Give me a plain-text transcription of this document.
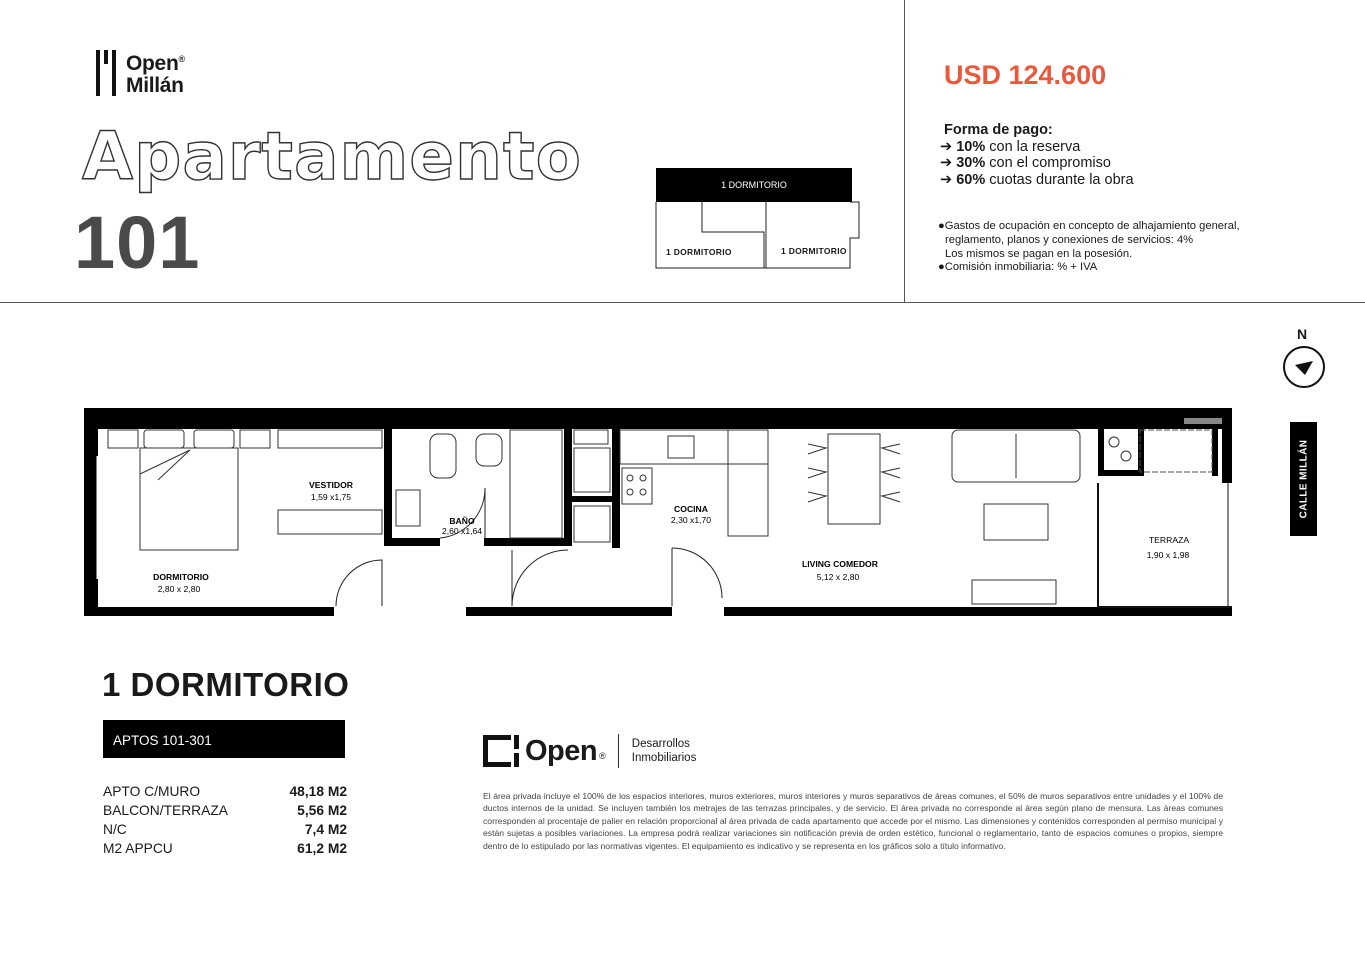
Open®
Millán
Apartamento
101
1 DORMITORIO
1 DORMITORIO	1 DORMITORIO
USD 124.600
Forma de pago:
➔ 10% con la reserva
➔ 30% con el compromiso
➔ 60% cuotas durante la obra
●Gastos de ocupación en concepto de alhajamiento general,
reglamento, planos y conexiones de servicios: 4%
Los mismos se pagan en la posesión.
●Comisión inmobiliaria: % + IVA
N
CALLE MILLÁN
DORMITORIO
2,80 x 2,80
VESTIDOR
1,59 x1,75
BAÑO
2,60 x1,64
COCINA
2,30 x1,70
LIVING COMEDOR
5,12 x 2,80
TERRAZA
1,90 x 1,98
1 DORMITORIO
APTOS 101-301
APTO C/MURO	48,18 M2
BALCON/TERRAZA	5,56 M2
N/C	7,4 M2
M2 APPCU	61,2 M2
Open ®
Desarrollos
Inmobiliarios
El área privada incluye el 100% de los espacios interiores, muros exteriores, muros interiores y muros separativos de áreas comunes, el 50% de muros separativos entre unidades y el 100% de ductos internos de la unidad. Se incluyen también los metrajes de las terrazas principales, y de servicio. El área privada no corresponde al área según plano de mensura. Las áreas comunes corresponden al procentaje de palier en relación proporcional al área privada de cada apartamento que accede por el mismo. Las dimensiones y contenidos corresponden al permiso municipal y están sujetas a posibles variaciones. La empresa podrá realizar variaciones sin notificación previa de orden estético, funcional o reglamentario, tanto de espacios comunes o propios, siempre dentro de lo estipulado por las normativas vigentes. El equipamiento es indicativo y se representa en los gráficos solo a título informativo.
